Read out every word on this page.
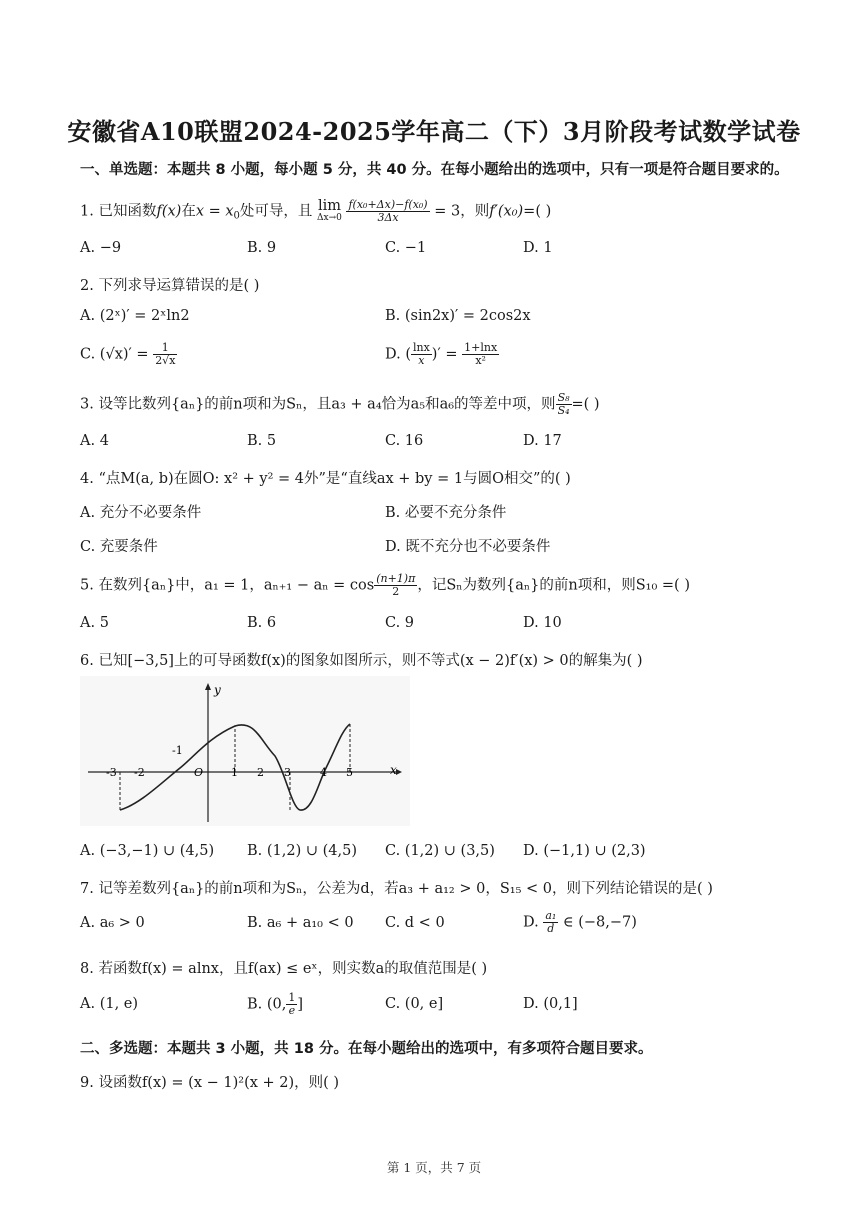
安徽省A10联盟2024-2025学年高二（下）3月阶段考试数学试卷
一、单选题：本题共 8 小题，每小题 5 分，共 40 分。在每小题给出的选项中，只有一项是符合题目要求的。
1. 已知函数f(x)在$x = x_0$处可导，且 lim
Δx→0
$\frac{\text{f(x₀+Δx)−f(x₀)}}{3\Delta x} = 3$，则f′(x₀)=( )
A. −9	B. 9	C. −1	D. 1
2. 下列求导运算错误的是( )
A. (2ˣ)′ = 2ˣln2	B. (sin2x)′ = 2cos2x
C. $(√x)' = \frac{1}{2√x}$	D. ( $\frac{\ln x}{x}$ )′ = $\frac{1+\ln x}{\text{x²}}$
3. 设等比数列{aₙ}的前n项和为Sₙ，且a₃ + a₄恰为a₅和a₆的等差中项，则 $\frac{\text{S₈}}{\text{S₄}}$ =( )
A. 4	B. 5	C. 16	D. 17
4. “点M(a, b)在圆O: x² + y² = 4外”是“直线ax + by = 1与圆O相交”的( )
A. 充分不必要条件	B. 必要不充分条件
C. 充要条件	D. 既不充分也不必要条件
5. 在数列{aₙ}中，a₁ = 1，$a_{n+1} - a_n = \cos \frac{(n+1)\pi}{2}$ ，记Sₙ为数列{aₙ}的前n项和，则S₁₀ =( )
A. 5	B. 6	C. 9	D. 10
6. 已知[−3,5]上的可导函数f(x)的图象如图所示，则不等式(x − 2)f′(x) > 0的解集为( )
y
x
O
-3 -2
-1
1 2 3	4 5
A. (−3,−1) ∪ (4,5) B. (1,2) ∪ (4,5) C. (1,2) ∪ (3,5) D. (−1,1) ∪ (2,3)
7. 记等差数列{aₙ}的前n项和为Sₙ，公差为d，若a₃ + a₁₂ > 0，S₁₅ < 0，则下列结论错误的是( )
A. a₆ > 0	B. a₆ + a₁₀ < 0 C. d < 0	D. $\frac{\text{a₁}}{d}$ ∈ (−8,−7)
8. 若函数f(x) = alnx，且f(ax) ≤ eˣ，则实数a的取值范围是( )
A. (1, e)	B. (0, $\frac{1}{e}$ ]	C. (0, e]	D. (0,1]
二、多选题：本题共 3 小题，共 18 分。在每小题给出的选项中，有多项符合题目要求。
9. 设函数f(x) = (x − 1)²(x + 2)，则( )
第 1 页，共 7 页
